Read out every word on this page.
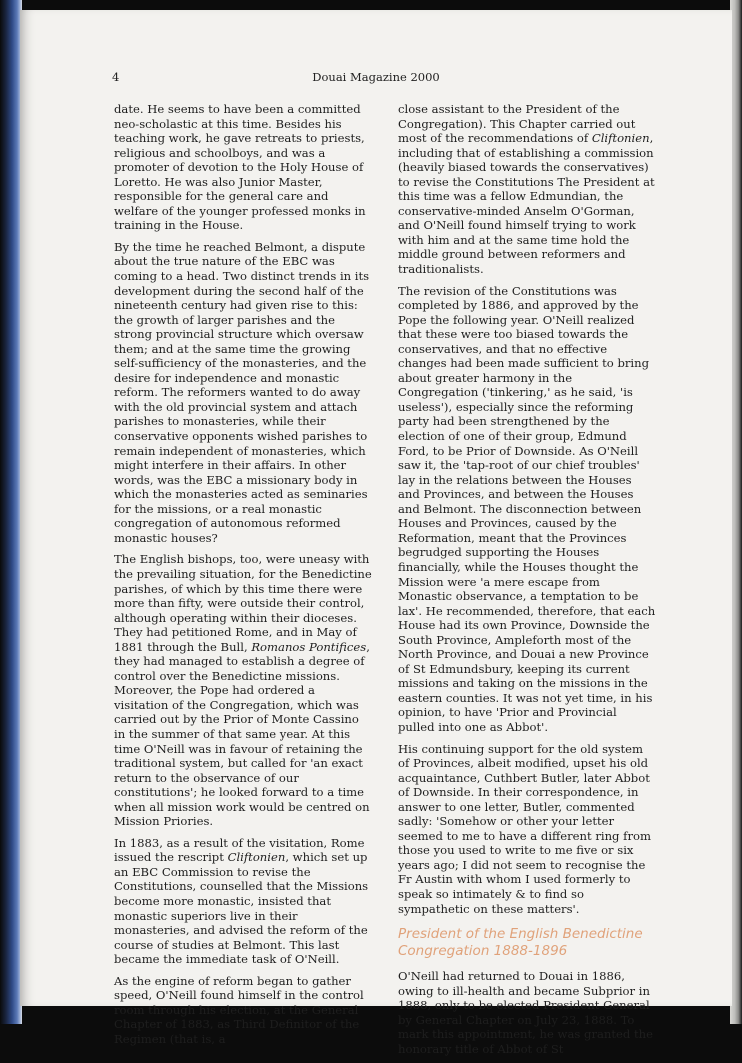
4	Douai Magazine 2000

date. He seems to have been a committed neo-scholastic at this time. Besides his teaching work, he gave retreats to priests, religious and schoolboys, and was a promoter of devotion to the Holy House of Loretto. He was also Junior Master, responsible for the general care and welfare of the younger professed monks in training in the House.

By the time he reached Belmont, a dispute about the true nature of the EBC was coming to a head. Two distinct trends in its development during the second half of the nineteenth century had given rise to this: the growth of larger parishes and the strong provincial structure which oversaw them; and at the same time the growing self-sufficiency of the monasteries, and the desire for independence and monastic reform. The reformers wanted to do away with the old provincial system and attach parishes to monasteries, while their conservative opponents wished parishes to remain independent of monasteries, which might interfere in their affairs. In other words, was the EBC a missionary body in which the monasteries acted as seminaries for the missions, or a real monastic congregation of autonomous reformed monastic houses?

The English bishops, too, were uneasy with the prevailing situation, for the Benedictine parishes, of which by this time there were more than fifty, were outside their control, although operating within their dioceses. They had petitioned Rome, and in May of 1881 through the Bull, Romanos Pontifices, they had managed to establish a degree of control over the Benedictine missions. Moreover, the Pope had ordered a visitation of the Congregation, which was carried out by the Prior of Monte Cassino in the summer of that same year. At this time O'Neill was in favour of retaining the traditional system, but called for 'an exact return to the observance of our constitutions'; he looked forward to a time when all mission work would be centred on Mission Priories.

In 1883, as a result of the visitation, Rome issued the rescript Cliftonien, which set up an EBC Commission to revise the Constitutions, counselled that the Missions become more monastic, insisted that monastic superiors live in their monasteries, and advised the reform of the course of studies at Belmont. This last became the immediate task of O'Neill.

As the engine of reform began to gather speed, O'Neill found himself in the control room through his election, at the General Chapter of 1883, as Third Definitor of the Regimen (that is, a

close assistant to the President of the Congregation). This Chapter carried out most of the recommendations of Cliftonien, including that of establishing a commission (heavily biased towards the conservatives) to revise the Constitutions The President at this time was a fellow Edmundian, the conservative-minded Anselm O'Gorman, and O'Neill found himself trying to work with him and at the same time hold the middle ground between reformers and traditionalists.

The revision of the Constitutions was completed by 1886, and approved by the Pope the following year. O'Neill realized that these were too biased towards the conservatives, and that no effective changes had been made sufficient to bring about greater harmony in the Congregation ('tinkering,' as he said, 'is useless'), especially since the reforming party had been strengthened by the election of one of their group, Edmund Ford, to be Prior of Downside. As O'Neill saw it, the 'tap-root of our chief troubles' lay in the relations between the Houses and Provinces, and between the Houses and Belmont. The disconnection between Houses and Provinces, caused by the Reformation, meant that the Provinces begrudged supporting the Houses financially, while the Houses thought the Mission were 'a mere escape from Monastic observance, a temptation to be lax'. He recommended, therefore, that each House had its own Province, Downside the South Province, Ampleforth most of the North Province, and Douai a new Province of St Edmundsbury, keeping its current missions and taking on the missions in the eastern counties. It was not yet time, in his opinion, to have 'Prior and Provincial pulled into one as Abbot'.

His continuing support for the old system of Provinces, albeit modified, upset his old acquaintance, Cuthbert Butler, later Abbot of Downside. In their correspondence, in answer to one letter, Butler, commented sadly: 'Somehow or other your letter seemed to me to have a different ring from those you used to write to me five or six years ago; I did not seem to recognise the Fr Austin with whom I used formerly to speak so intimately & to find so sympathetic on these matters'.

President of the English Benedictine
Congregation 1888-1896

O'Neill had returned to Douai in 1886, owing to ill-health and became Subprior in 1888, only to be elected President General by General Chapter on July 23, 1888. To mark this appointment, he was granted the honorary title of Abbot of St
